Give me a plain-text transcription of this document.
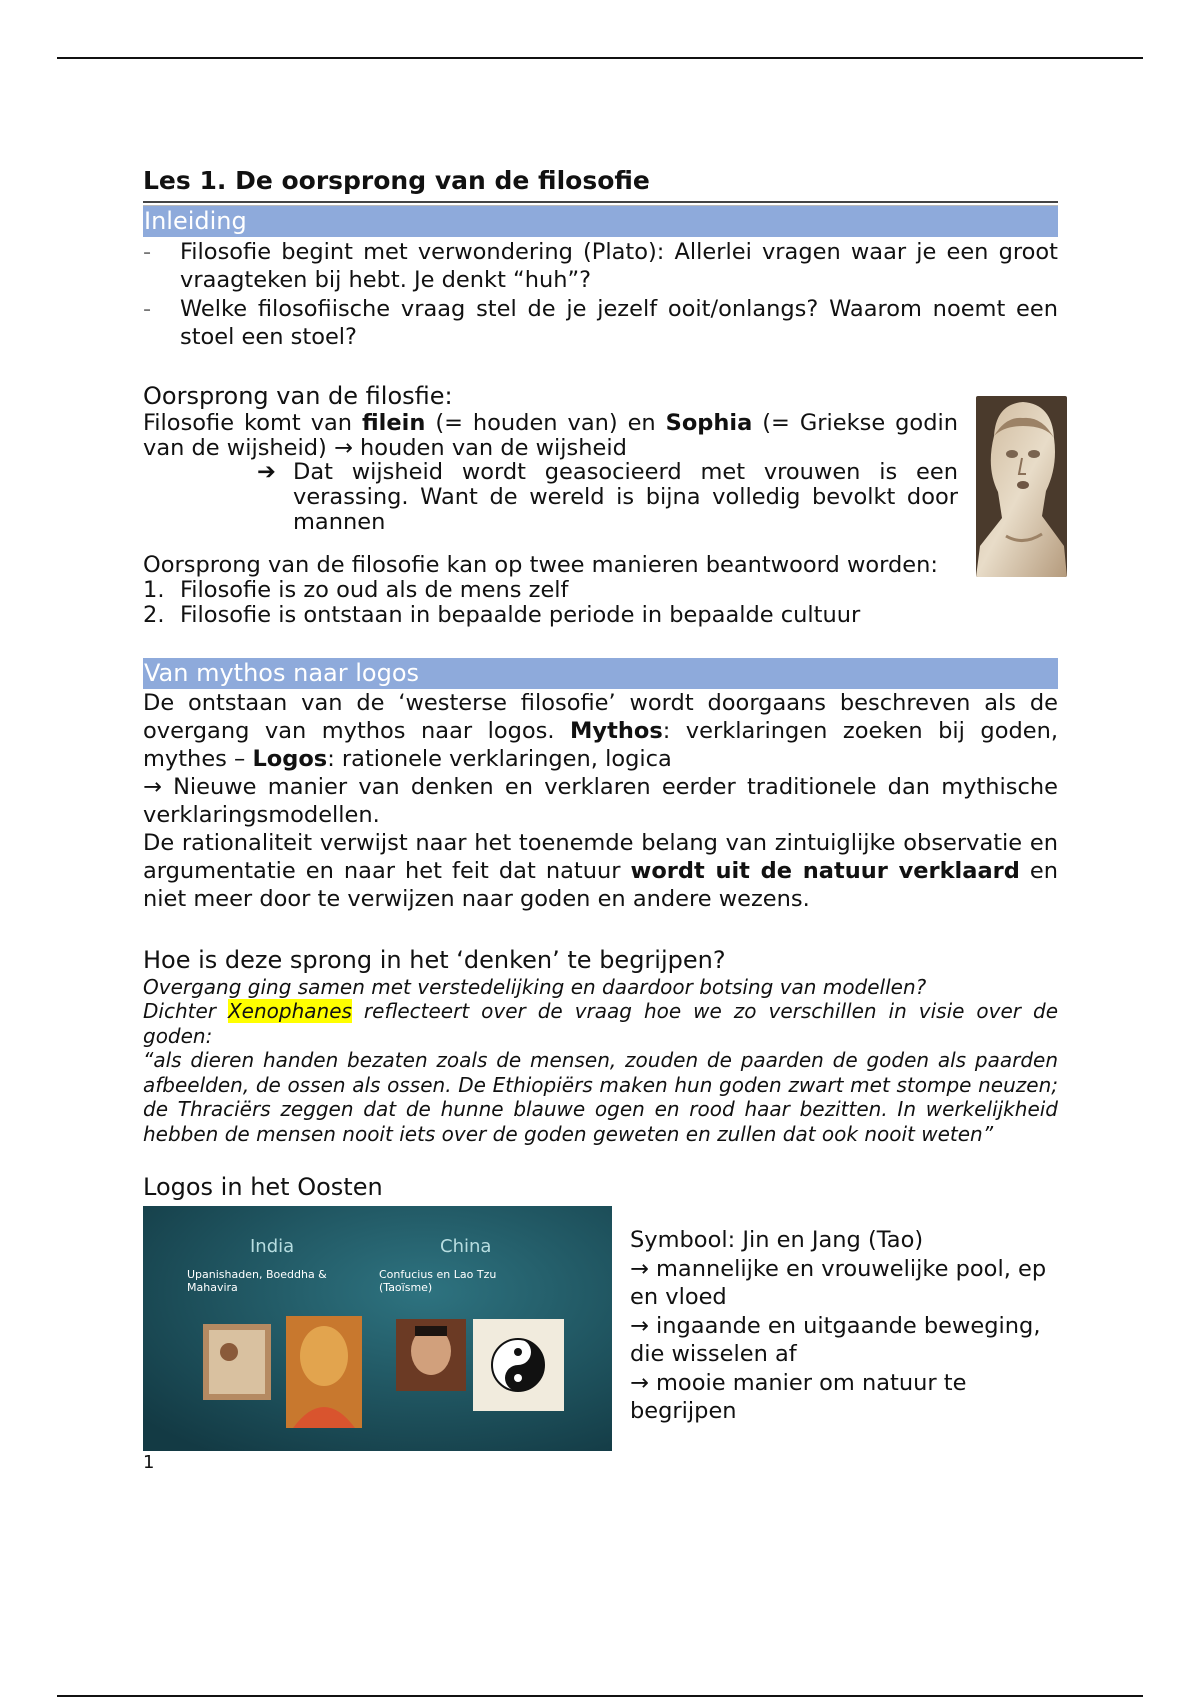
Les 1. De oorsprong van de filosofie
Inleiding
- Filosofie begint met verwondering (Plato): Allerlei vragen waar je een groot vraagteken bij hebt. Je denkt “huh”?
- Welke filosofiische vraag stel de je jezelf ooit/onlangs? Waarom noemt een stoel een stoel?
Oorsprong van de filosfie:

Filosofie komt van filein (= houden van) en Sophia (= Griekse godin van de wijsheid) → houden van de wijsheid

➔ Dat wijsheid wordt geasocieerd met vrouwen is een verassing. Want de wereld is bijna volledig bevolkt door mannen

Oorsprong van de filosofie kan op twee manieren beantwoord worden:

1. Filosofie is zo oud als de mens zelf
2. Filosofie is ontstaan in bepaalde periode in bepaalde cultuur
Van mythos naar logos

De ontstaan van de ‘westerse filosofie’ wordt doorgaans beschreven als de overgang van mythos naar logos. Mythos: verklaringen zoeken bij goden, mythes – Logos: rationele verklaringen, logica

→ Nieuwe manier van denken en verklaren eerder traditionele dan mythische verklaringsmodellen.

De rationaliteit verwijst naar het toenemde belang van zintuiglijke observatie en argumentatie en naar het feit dat natuur wordt uit de natuur verklaard en niet meer door te verwijzen naar goden en andere wezens.

Hoe is deze sprong in het ‘denken’ te begrijpen?

Overgang ging samen met verstedelijking en daardoor botsing van modellen?

Dichter Xenophanes reflecteert over de vraag hoe we zo verschillen in visie over de goden:

“als dieren handen bezaten zoals de mensen, zouden de paarden de goden als paarden afbeelden, de ossen als ossen. De Ethiopiërs maken hun goden zwart met stompe neuzen; de Thraciërs zeggen dat de hunne blauwe ogen en rood haar bezitten. In werkelijkheid hebben de mensen nooit iets over de goden geweten en zullen dat ook nooit weten”

Logos in het Oosten
India	China
Upanishaden, Boeddha & Mahavira
Confucius en Lao Tzu (Taoïsme)
Symbool: Jin en Jang (Tao)
→ mannelijke en vrouwelijke pool, ep en vloed
→ ingaande en uitgaande beweging, die wisselen af
→ mooie manier om natuur te begrijpen
1
